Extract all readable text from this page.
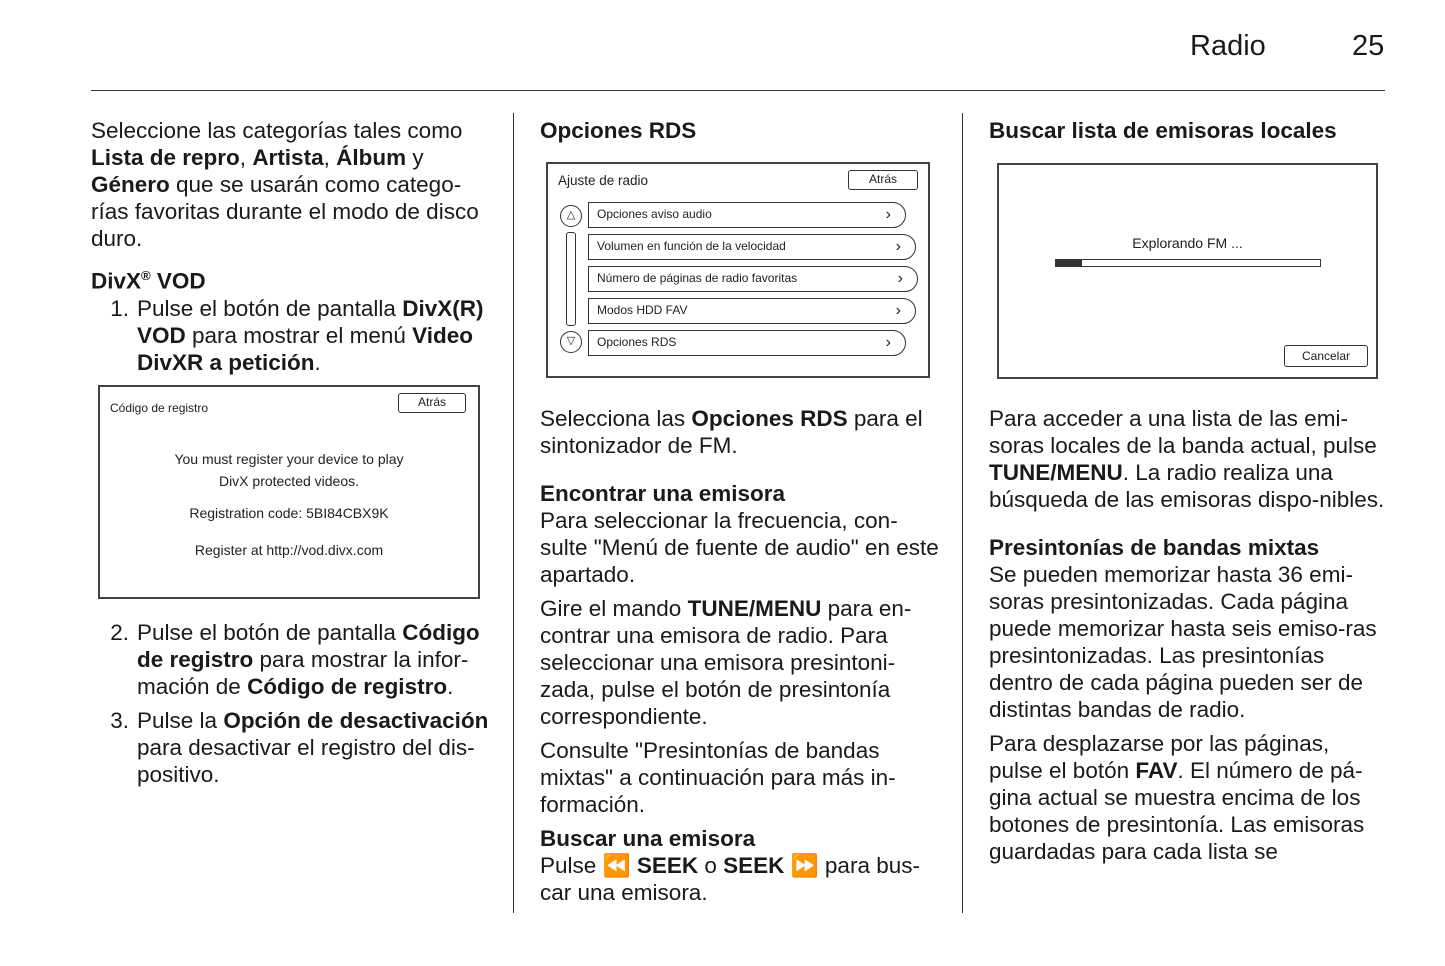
Radio	25

Seleccione las categorías tales como Lista de repro, Artista, Álbum y Género que se usarán como catego-rías favoritas durante el modo de disco duro.

DivX® VOD

1. Pulse el botón de pantalla DivX(R) VOD para mostrar el menú Video DivXR a petición.
Código de registro	Atrás
You must register your device to play
DivX protected videos.
Registration code: 5BI84CBX9K
Register at http://vod.divx.com
2. Pulse el botón de pantalla Código de registro para mostrar la infor-mación de Código de registro.
3. Pulse la Opción de desactivación para desactivar el registro del dis-positivo.
Opciones RDS
Ajuste de radio	Atrás
△
▽
Opciones aviso audio	›
Volumen en función de la velocidad	›
Número de páginas de radio favoritas	›
Modos HDD FAV	›
Opciones RDS	›

Selecciona las Opciones RDS para el sintonizador de FM.

Encontrar una emisora

Para seleccionar la frecuencia, con-sulte "Menú de fuente de audio" en este apartado.

Gire el mando TUNE/MENU para en-contrar una emisora de radio. Para seleccionar una emisora presintoni-zada, pulse el botón de presintonía correspondiente.

Consulte "Presintonías de bandas mixtas" a continuación para más in-formación.

Buscar una emisora

Pulse ⏪ SEEK o SEEK ⏩ para bus-car una emisora.

Buscar lista de emisoras locales
Explorando FM ...
Cancelar

Para acceder a una lista de las emi-soras locales de la banda actual, pulse TUNE/MENU. La radio realiza una búsqueda de las emisoras dispo-nibles.

Presintonías de bandas mixtas

Se pueden memorizar hasta 36 emi-soras presintonizadas. Cada página puede memorizar hasta seis emiso-ras presintonizadas. Las presintonías dentro de cada página pueden ser de distintas bandas de radio.

Para desplazarse por las páginas, pulse el botón FAV. El número de pá-gina actual se muestra encima de los botones de presintonía. Las emisoras guardadas para cada lista se
